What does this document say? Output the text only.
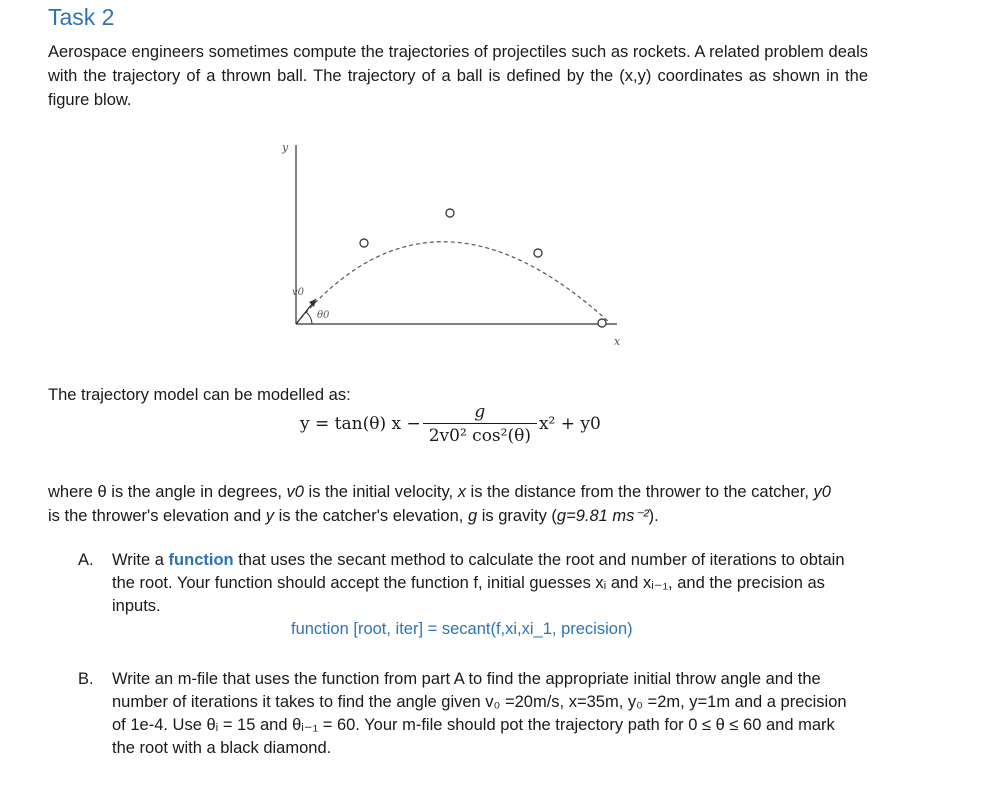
Task 2
Aerospace engineers sometimes compute the trajectories of projectiles such as rockets. A related problem deals with the trajectory of a thrown ball. The trajectory of a ball is defined by the (x,y) coordinates as shown in the figure blow.
y
x
v0
θ0
The trajectory model can be modelled as:
y = tan(θ) $x - \frac{g}{\text{2v0² cos²(θ)}} x^2 + y0$
where θ is the angle in degrees, v0 is the initial velocity, x is the distance from the thrower to the catcher, y0 is the thrower's elevation and y is the catcher's elevation, g is gravity (g=9.81 ms⁻²).
A.	Write a function that uses the secant method to calculate the root and number of iterations to obtain the root. Your function should accept the function f, initial guesses xᵢ and xᵢ₋₁, and the precision as inputs.
function [root, iter] = secant(f,xi,xi_1, precision)
B.	Write an m-file that uses the function from part A to find the appropriate initial throw angle and the number of iterations it takes to find the angle given v₀ =20m/s, x=35m, y₀ =2m, y=1m and a precision of 1e-4. Use θᵢ = 15 and θᵢ₋₁ = 60. Your m-file should pot the trajectory path for 0 ≤ θ ≤ 60 and mark the root with a black diamond.
